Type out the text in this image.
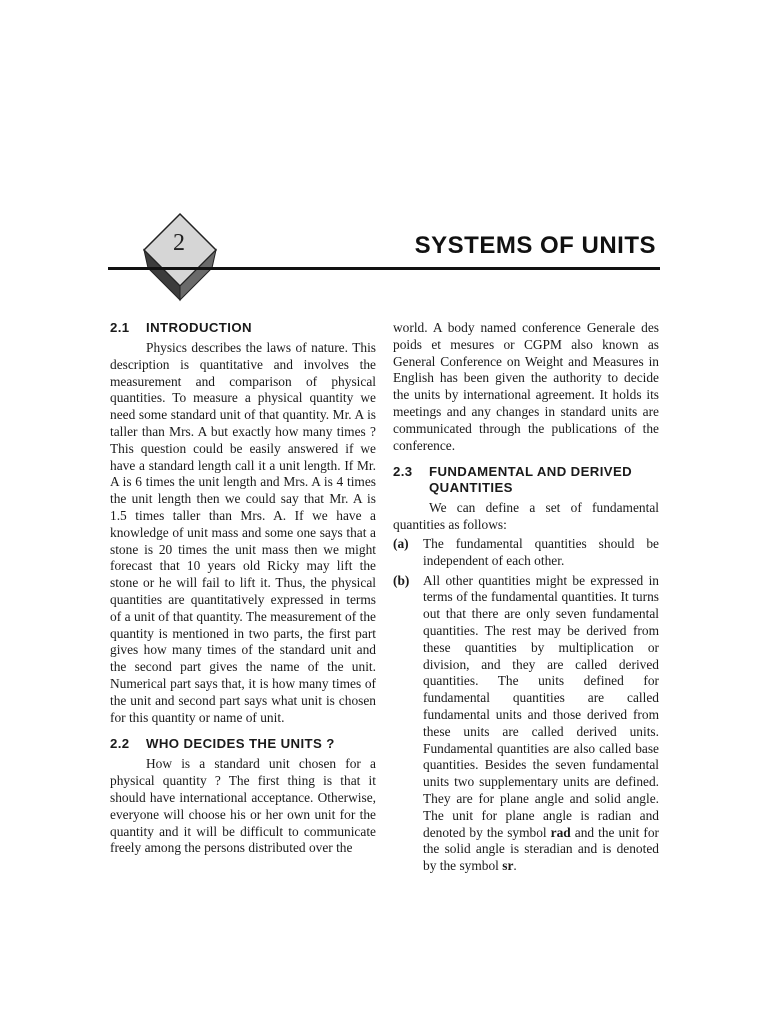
2	SYSTEMS OF UNITS
2.1	INTRODUCTION

Physics describes the laws of nature. This description is quantitative and involves the measurement and comparison of physical quantities. To measure a physical quantity we need some standard unit of that quantity. Mr. A is taller than Mrs. A but exactly how many times ? This question could be easily answered if we have a standard length call it a unit length. If Mr. A is 6 times the unit length and Mrs. A is 4 times the unit length then we could say that Mr. A is 1.5 times taller than Mrs. A. If we have a knowledge of unit mass and some one says that a stone is 20 times the unit mass then we might forecast that 10 years old Ricky may lift the stone or he will fail to lift it. Thus, the physical quantities are quantitatively expressed in terms of a unit of that quantity. The measurement of the quantity is mentioned in two parts, the first part gives how many times of the standard unit and the second part gives the name of the unit. Numerical part says that, it is how many times of the unit and second part says what unit is chosen for this quantity or name of unit.

2.2	WHO DECIDES THE UNITS ?

How is a standard unit chosen for a physical quantity ? The first thing is that it should have international acceptance. Otherwise, everyone will choose his or her own unit for the quantity and it will be difficult to communicate freely among the persons distributed over the

world. A body named conference Generale des poids et mesures or CGPM also known as General Conference on Weight and Measures in English has been given the authority to decide the units by international agreement. It holds its meetings and any changes in standard units are communicated through the publications of the conference.

2.3	FUNDAMENTAL AND DERIVED QUANTITIES

We can define a set of fundamental quantities as follows:

(a)	The fundamental quantities should be independent of each other.
(b)	All other quantities might be expressed in terms of the fundamental quantities. It turns out that there are only seven fundamental quantities. The rest may be derived from these quantities by multiplication or division, and they are called derived quantities. The units defined for fundamental quantities are called fundamental units and those derived from these units are called derived units. Fundamental quantities are also called base quantities. Besides the seven fundamental units two supplementary units are defined. They are for plane angle and solid angle. The unit for plane angle is radian and denoted by the symbol rad and the unit for the solid angle is steradian and is denoted by the symbol sr.
